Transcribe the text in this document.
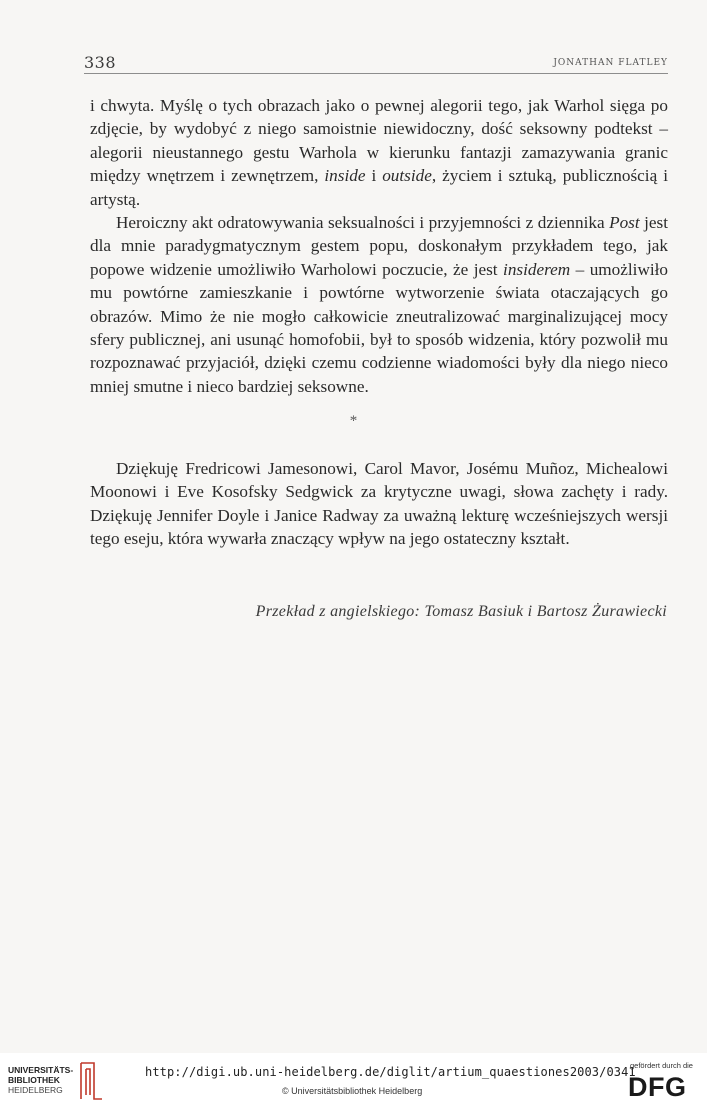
338	JONATHAN FLATLEY

i chwyta. Myślę o tych obrazach jako o pewnej alegorii tego, jak Warhol sięga po zdjęcie, by wydobyć z niego samoistnie niewidoczny, dość seksowny podtekst – alegorii nieustannego gestu Warhola w kierunku fantazji zamazywania granic między wnętrzem i zewnętrzem, inside i outside, życiem i sztuką, publicznością i artystą.

Heroiczny akt odratowywania seksualności i przyjemności z dziennika Post jest dla mnie paradygmatycznym gestem popu, doskonałym przykładem tego, jak popowe widzenie umożliwiło Warholowi poczucie, że jest insiderem – umożliwiło mu powtórne zamieszkanie i powtórne wytworzenie świata otaczających go obrazów. Mimo że nie mogło całkowicie zneutralizować marginalizującej mocy sfery publicznej, ani usunąć homofobii, był to sposób widzenia, który pozwolił mu rozpoznawać przyjaciół, dzięki czemu codzienne wiadomości były dla niego nieco mniej smutne i nieco bardziej seksowne.

*

Dziękuję Fredricowi Jamesonowi, Carol Mavor, Josému Muñoz, Michealowi Moonowi i Eve Kosofsky Sedgwick za krytyczne uwagi, słowa zachęty i rady. Dziękuję Jennifer Doyle i Janice Radway za uważną lekturę wcześniejszych wersji tego eseju, która wywarła znaczący wpływ na jego ostateczny kształt.

Przekład z angielskiego: Tomasz Basiuk i Bartosz Żurawiecki
UNIVERSITÄTS-
BIBLIOTHEK
HEIDELBERG
http://digi.ub.uni-heidelberg.de/diglit/artium_quaestiones2003/0341
© Universitätsbibliothek Heidelberg
gefördert durch die
DFG
